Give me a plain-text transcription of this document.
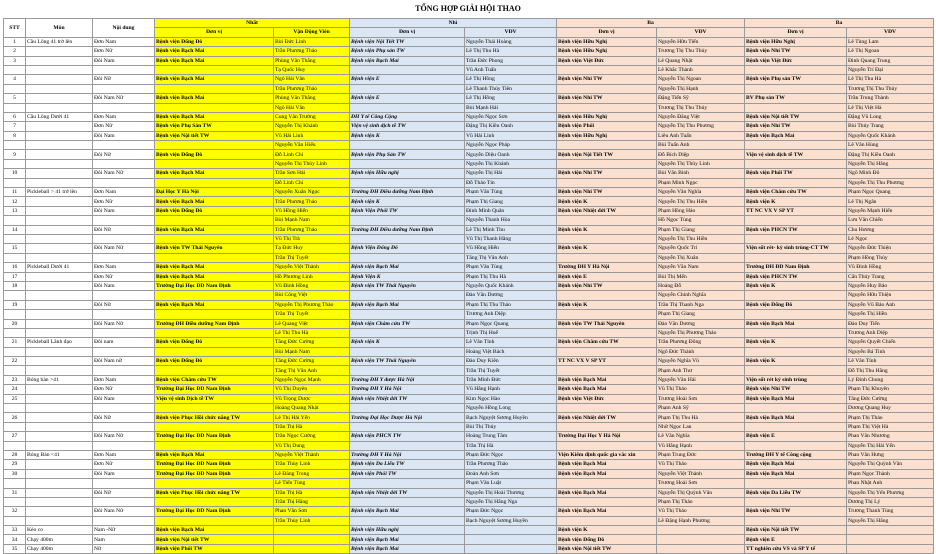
TỔNG HỢP GIẢI HỘI THAO
STT	Môn	Nội dung	Nhất		Nhì		Ba		Ba	
			Đơn vị	Vận Động Viên	Đơn vị	VĐV	Đơn vị	VĐV	Đơn vị	VĐV
1	Cầu Lông 41 trở lên	Đơn Nam	Bệnh viện Đống Đô	Bùi Đức Linh	Bệnh viện Nội Tiết TW	Nguyễn Thái Hoàng	Bệnh viện Hữu Nghị	Nguyễn Hữu Tiến	Bệnh viện Hữu Nghị	Lê Tùng Lam
2		Đơn Nữ	Bệnh viện Bạch Mai	Trần Phương Thảo	Bệnh viện Phụ sản TW	Lê Thị Thu Hà	Bệnh viện Hữu Nghị	Trương Thị Thu Thủy	Bệnh viện Nhi TW	Lê Thị Ngoan
3		Đôi Nam	Bệnh viện Bạch Mai	Phùng Văn Thắng	Bệnh viện Bạch Mai	Trần Đức Phong	Bệnh viện Việt Đức	Lê Quang Nhật	Bệnh viện Việt Đức	Đinh Quang Trung
				Tạ Quốc Huy		Vũ Anh Tuấn		Lê Khắc Thành		Nguyễn Trí Đại
4		Đôi Nữ	Bệnh viện Bạch Mai	Ngô Hải Vân	Bệnh viện E	Lê Thị Hồng	Bệnh viện Nhi TW	Nguyễn Thị Ngoan	Bệnh viện Phụ sản TW	Lê Thị Thu Hà
				Trần Phương Thảo		Lê Thanh Thúy Tiên		Nguyễn Thị Hạnh		Trương Thị Thu Thủy
5		Đôi Nam Nữ	Bệnh viện Bạch Mai	Phùng Văn Thắng	Bệnh viện E	Lê Thị Hồng	Bệnh viện Nhi TW	Đặng Tiến Sỹ	BV Phụ sản TW	Trần Trung Thành
				Ngô Hải Vân		Bùi Mạnh Hải		Trương Thị Thu Thủy		Lê Thị Việt Hà
6	Cầu Lông Dưới 41	Đơn Nam	Bệnh viện Bạch Mai	Cung Văn Trường	ĐH Y tế Công Cộng	Nguyễn Ngọc Sơn	Bệnh viện Hữu Nghị	Nguyễn Đăng Việt	Bệnh viện Nội tiết TW	Đặng Vũ Long
7		Đơn Nữ	Bệnh viện Phụ Sản TW	Nguyễn Thị Khánh	Viện vệ sinh dịch tễ TW	Đặng Thị Kiều Oanh	Bệnh viện Phổi	Nguyễn Thị Thu Phương	Bệnh viện Nhi TW	Bùi Thủy Trang
8		Đôi Nam	Bệnh viện Nội tiết TW	Vũ Hải Linh	Bệnh viện K	Vũ Hải Linh	Bệnh viện Hữu Nghị	Liêu Anh Tuấn	Bệnh viện Bạch Mai	Nguyễn Quốc Khánh
				Nguyễn Văn Hiếu		Nguyễn Ngọc Pháp		Bùi Tuấn Anh		Lê Văn Hùng
9		Đôi Nữ	Bệnh viện Đống Đô	Đỗ Linh Chi	Bệnh viện Phụ Sản TW	Nguyễn Diệu Oanh	Bệnh viện Nội Tiết TW	Đỗ Bích Diệp	Viện vệ sinh dịch tễ TW	Đặng Thị Kiều Oanh
				Nguyễn Thị Thủy Linh		Nguyễn Thị Khánh		Nguyễn Thị Thủy Linh		Nguyễn Thị Hằng
10		Đôi Nam Nữ	Bệnh viện Bạch Mai	Trần Sơn Hải	Bệnh viện Hữu nghị	Nguyễn Thị Hải	Bệnh viện Nhi TW	Bùi Văn Bình	Bệnh viện Phổi TW	Ngô Minh Đô
				Đỗ Linh Chi		Đỗ Thảo Tín		Phạm Minh Ngọc		Nguyễn Thị Thu Phương
11	Pickleball > 41 trở lên	Đơn Nam	Đại Học Y Hà Nội	Nguyễn Xuân Ngọc	Trường ĐH Điều dưỡng Nam Định	Phạm Văn Tùng	Bệnh viện Nhi TW	Nguyễn Văn Nghĩa	Bệnh viện Châm cứu TW	Phạm Ngọc Quang
12		Đơn Nữ	Bệnh viện Bạch Mai	Trần Phương Thảo	Bệnh viện K	Phạm Thị Giang	Bệnh viện K	Nguyễn Thị Thu Hiền	Bệnh viện K	Lê Thị Ngân
13		Đôi Nam	Bệnh viện Đống Đô	Vũ Hồng Hiển	Bệnh Viện Phổi TW	Đinh Minh Quân	Bệnh viện Nhiệt đới TW	Phạm Hồng Hảo	TT NC VX V SP YT	Nguyễn Mạnh Hiển
				Bùi Mạnh Nam		Nguyễn Thanh Hòa		Hồ Ngọc Tùng		Lưu Văn Chiến
14		Đôi Nữ	Bệnh viện Bạch Mai	Trần Phương Thảo	Trường ĐH Điều dưỡng Nam Định	Lê Thị Minh Thu	Bệnh viện K	Phạm Thị Giang	Bệnh viện PHCN TW	Chu Hương
				Vũ Thị Trà		Vũ Thị Thanh Hằng		Nguyễn Thị Thu Hiền		Lê Ngọc
15		Đôi Nam Nữ	Bệnh viện TW Thái Nguyên	Tạ Đức Huy	Bệnh Viện Đống Đô	Vũ Hồng Hiển	Bệnh viện K	Nguyễn Quốc Trí	Viện sốt rét- ký sinh trùng-CT TW	Nguyễn Đức Thiện
				Trần Thị Tuyết		Tăng Thị Vân Anh		Nguyễn Thị Xuân		Phạm Hồng Thủy
16	Pickleball Dưới 41	Đơn Nam	Bệnh viện Bạch Mai	Nguyễn Việt Thành	Bệnh viện Bạch Mai	Phạm Văn Tùng	Trường ĐH Y Hà Nội	Nguyễn Văn Nam	Trường ĐH ĐD Nam Định	Vũ Đình Hồng
17		Đơn Nữ	Bệnh viện Bạch Mai	Hồ Phương Linh	Bệnh Viện K	Phạm Thị Thu Hà	Bệnh viện E	Bùi Thị Mến	Bệnh viện PHCN TW	Cấn Thủy Trang
18		Đôi Nam	Trường Đại Học ĐD Nam Định	Vũ Đình Hồng	Bệnh viện TW Thái Nguyên	Nguyễn Quốc Khánh	Bệnh viện Nhi TW	Hoàng Đỗ	Bệnh viện K	Nguyễn Huy Bảo
				Bùi Công Việt		Đào Văn Dương		Nguyễn Chính Nghĩa		Nguyễn Hữu Thiện
19		Đôi Nữ	Bệnh viện Bạch Mai	Nguyễn Thị Phương Thảo	Bệnh viện Bạch Mai	Phạm Thị Thu Thảo	Bệnh viện K	Trần Thị Thanh Nga	Bệnh viện Đống Đô	Nguyễn Vũ Bảo Anh
				Trần Thị Tuyết		Trương Anh Diệp		Phạm Thị Giang		Nguyễn Thị Hiền
20		Đôi Nam Nữ	Trường ĐH Điều dưỡng Nam Định	Lê Quang Việt	Bệnh viện Châm cứu TW	Phạm Ngọc Quang	Bệnh viện TW Thái Nguyên	Đào Văn Dương	Bệnh viện Bạch Mai	Đào Duy Tiến
				Lê Thị Thu Hà		Trịnh Thị Huế		Nguyễn Thị Phương Thảo		Trương Anh Diệp
21	Pickleball Lãnh đạo	Đôi nam	Bệnh viện Đống Đô	Tăng Đức Cường	Bệnh viện K	Lê Văn Tính	Bệnh viện Châm cứu TW	Trần Phương Đông	Bệnh viện K	Nguyễn Quyết Chiến
				Bùi Mạnh Nam		Hoàng Việt Bách		Ngô Đức Thành		Nguyễn Bá Tình
22		Đôi Nam nữ	Bệnh viện Đống Đô	Tăng Đức Cường	Bệnh viện TW Thái Nguyên	Đào Duy Kiên	TT NC VX V SP YT	Nguyễn Nghĩa Vũ	Bệnh viện K	Lê Văn Tính
				Tăng Thị Vân Anh		Trần Thị Tuyết		Phạm Anh Thư		Đỗ Thị Thu Hằng
23	Bóng bàn >41	Đơn Nam	Bệnh viện Châm cứu TW	Nguyễn Ngọc Mạnh	Trường ĐH Y dược Hà Nội	Trần Minh Đức	Bệnh viện Bạch Mai	Nguyễn Văn Hải	Viện sốt rét ký sinh trùng	Lý Đình Chung
24		Đơn Nữ	Trường Đại Học ĐD Nam Định	Vũ Thị Duyên	Trường ĐH Y Hà Nội	Vũ Hằng Hạnh	Bệnh viện Bạch Mai	Vũ Thị Thảo	Bệnh viện Nhi TW	Phạm Thị Khuyên
25		Đôi Nam	Viện vệ sinh Dịch tễ TW	Vũ Trọng Dược	Bệnh viện Nhiệt đới TW	Kim Ngọc Hào	Bệnh viện Việt Đức	Trương Hoài Sơn	Bệnh viện Bạch Mai	Tăng Đức Cường
				Hoàng Quang Nhật		Nguyễn Hồng Long		Phạm Anh Sỹ		Dương Quang Huy
26		Đôi Nữ	Bệnh viện Phục Hồi chức năng TW	Lê Thị Hải Yến	Trường Đại Học Dược Hà Nội	Bạch Nguyệt Sương Huyền	Bệnh viện Nhiệt đới TW	Phạm Thị Thu Hà	Bệnh viện Bạch Mai	Phạm Thị Thảo
				Trần Thị Hà		Bùi Thị Thủy		Nhữ Ngọc Lan		Phạm Thị Việt Hà
27		Đôi Nam Nữ	Trường Đại Học ĐD Nam Định	Trần Ngọc Cường	Bệnh viện PHCN TW	Hoàng Trung Tâm	Trường Đại Học Y Hà Nội	Lê Văn Nghĩa	Bệnh viện E	Phan Văn Nhương
				Vũ Thị Dung		Trần Thị Hà		Vũ Hằng Hạnh		Nguyễn Thị Hải Yến
28	Bóng Bàn <41	Đơn Nam	Bệnh viện Bạch Mai	Nguyễn Việt Thành	Trường ĐH Y Hà Nội	Phạm Đức Ngọc	Viện Kiểm định quốc gia vắc xin	Phạm Trung Đức	Trường ĐH Y tế Công cộng	Phan Văn Hưng
29		Đơn Nữ	Trường Đại Học ĐD Nam Định	Trần Thùy Linh	Bệnh viện Da Liễu TW	Trần Phương Thảo	Bệnh viện Bạch Mai	Vũ Thị Thảo	Bệnh viện Bạch Mai	Nguyễn Thị Quỳnh Vân
30		Đôi Nam	Trường Đại Học ĐD Nam Định	Lê Đăng Trung	Bệnh viện Phổi TW	Đoàn Anh Sơn	Bệnh viện Bạch Mai	Nguyễn Việt Thành	Bệnh viện Bạch Mai	Phạm Ngọc Thành
				Lê Tiến Tùng		Phạm Văn Luật		Trương Hoài Sơn		Phan Nhật Anh
31		Đôi Nữ	Bệnh viện Phục Hồi chức năng TW	Trần Thị Hà	Bệnh viện Nhiệt đới TW	Nguyễn Thị Hoài Thương	Bệnh viện Bạch Mai	Nguyễn Thị Quỳnh Vân	Bệnh viện Da Liễu TW	Nguyễn Thị Yến Phương
				Trần Thị Hằng		Nguyễn Thị Hằng Nga		Phạm Thị Thảo		Dương Thị Lý
32		Đôi Nam Nữ	Trường Đại Học ĐD Nam Định	Phan Văn Sơn	Bệnh viện Bạch Mai	Phạm Đức Ngọc	Bệnh viện Bạch Mai	Vũ Thị Thảo	Bệnh viện Nhi TW	Trương Thanh Tùng
				Trần Thùy Linh		Bạch Nguyệt Sương Huyền		Lê Đặng Hạnh Phương		Nguyễn Thị Hằng
33	Kéo co	Nam -Nữ	Bệnh viện Bạch Mai		Bệnh viện Hữu nghị		Bệnh viện K		Bệnh viện Nội tiết TW	
34	Chạy 400m	Nam	Bệnh viện Nội tiết TW		Bệnh viện Bạch Mai		Bệnh viện Đống Đô		Bệnh viện E	
35	Chạy 400m	Nữ	Bệnh viện Phổi TW		Bệnh viện Bạch Mai		Bệnh viện Nội tiết TW		TT nghiên cứu VS và SP Y tế	
